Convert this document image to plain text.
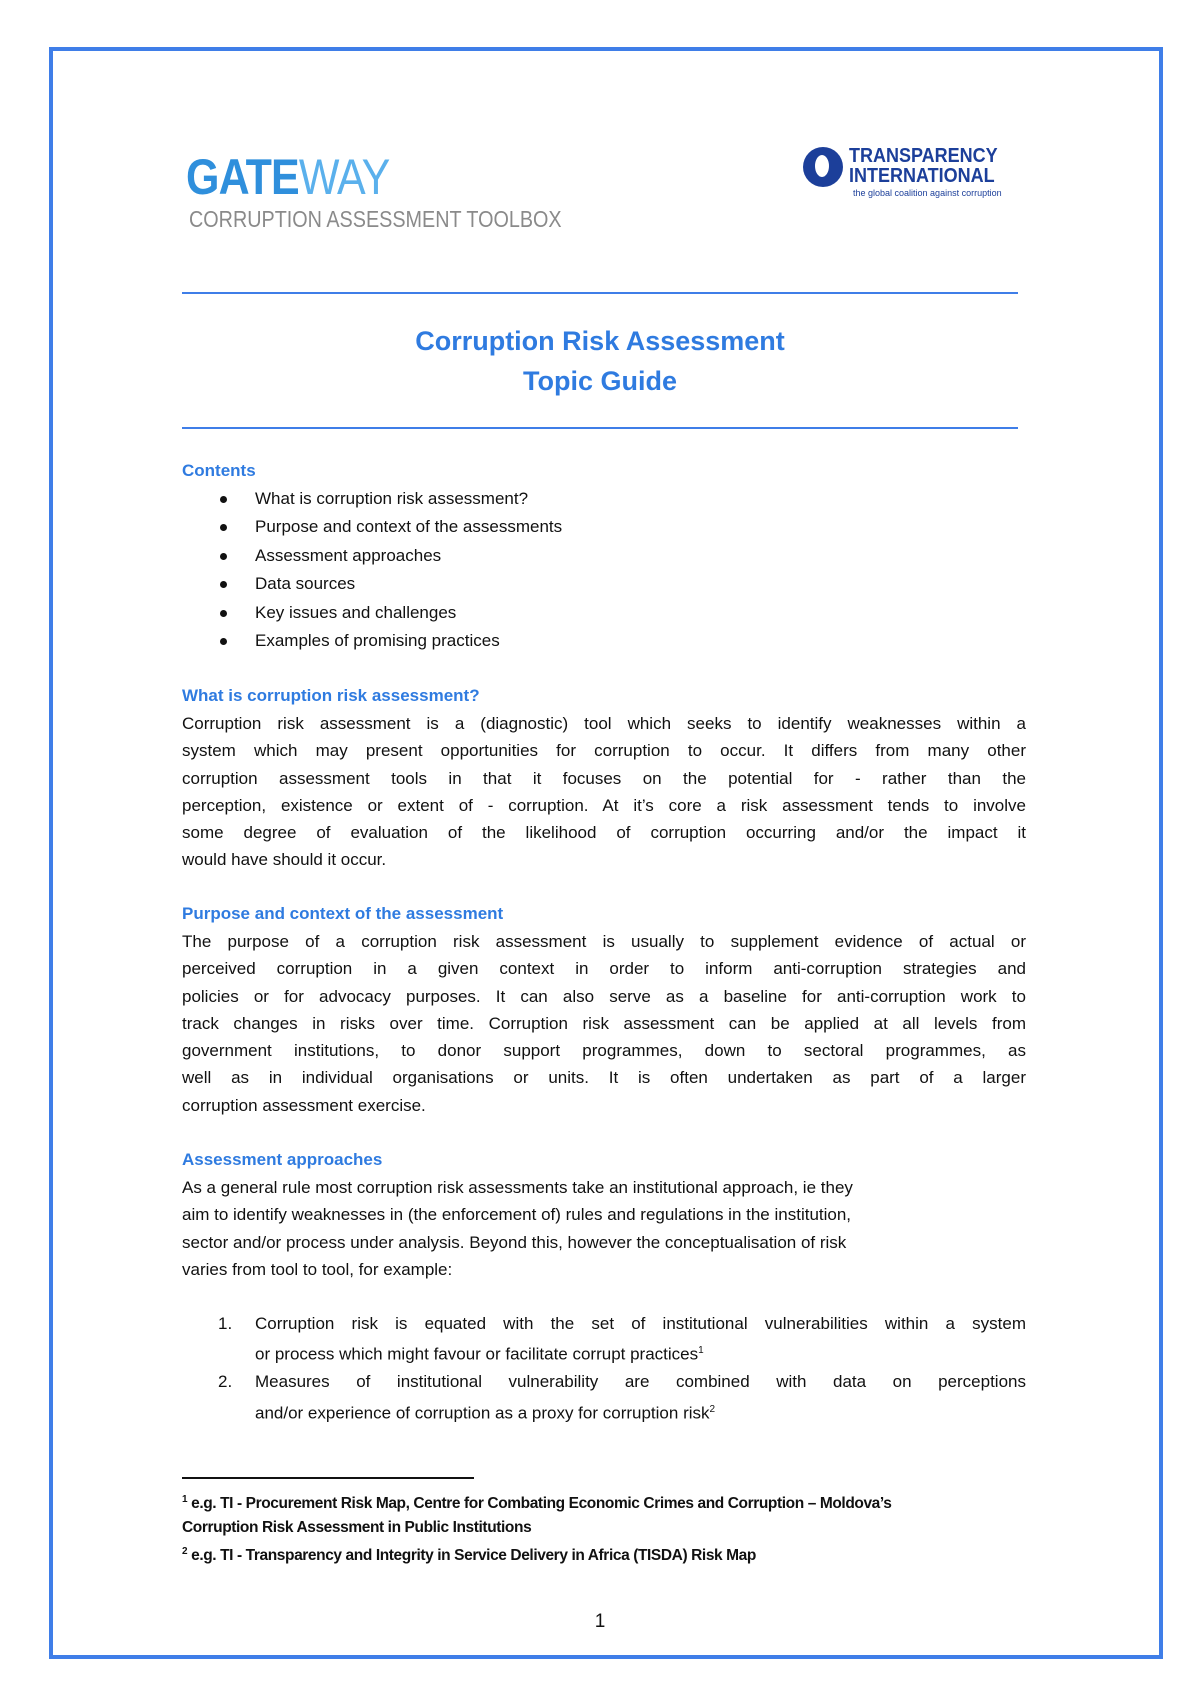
GATEWAY
CORRUPTION ASSESSMENT TOOLBOX
TRANSPARENCY
INTERNATIONAL
the global coalition against corruption
Corruption Risk Assessment
Topic Guide
Contents
What is corruption risk assessment?
Purpose and context of the assessments
Assessment approaches
Data sources
Key issues and challenges
Examples of promising practices
What is corruption risk assessment?
Corruption risk assessment is a (diagnostic) tool which seeks to identify weaknesses within a
system which may present opportunities for corruption to occur. It differs from many other
corruption assessment tools in that it focuses on the potential for - rather than the
perception, existence or extent of - corruption. At it’s core a risk assessment tends to involve
some degree of evaluation of the likelihood of corruption occurring and/or the impact it
would have should it occur.
Purpose and context of the assessment
The purpose of a corruption risk assessment is usually to supplement evidence of actual or
perceived corruption in a given context in order to inform anti-corruption strategies and
policies or for advocacy purposes. It can also serve as a baseline for anti-corruption work to
track changes in risks over time. Corruption risk assessment can be applied at all levels from
government institutions, to donor support programmes, down to sectoral programmes, as
well as in individual organisations or units. It is often undertaken as part of a larger
corruption assessment exercise.
Assessment approaches
As a general rule most corruption risk assessments take an institutional approach, ie they
aim to identify weaknesses in (the enforcement of) rules and regulations in the institution,
sector and/or process under analysis. Beyond this, however the conceptualisation of risk
varies from tool to tool, for example:
1. Corruption risk is equated with the set of institutional vulnerabilities within a system
or process which might favour or facilitate corrupt practices$^1$
2. Measures of institutional vulnerability are combined with data on perceptions
and/or experience of corruption as a proxy for corruption risk$^2$
$^1$ e.g. TI - Procurement Risk Map, Centre for Combating Economic Crimes and Corruption – Moldova’s
Corruption Risk Assessment in Public Institutions
$^2$ e.g. TI - Transparency and Integrity in Service Delivery in Africa (TISDA) Risk Map
1
